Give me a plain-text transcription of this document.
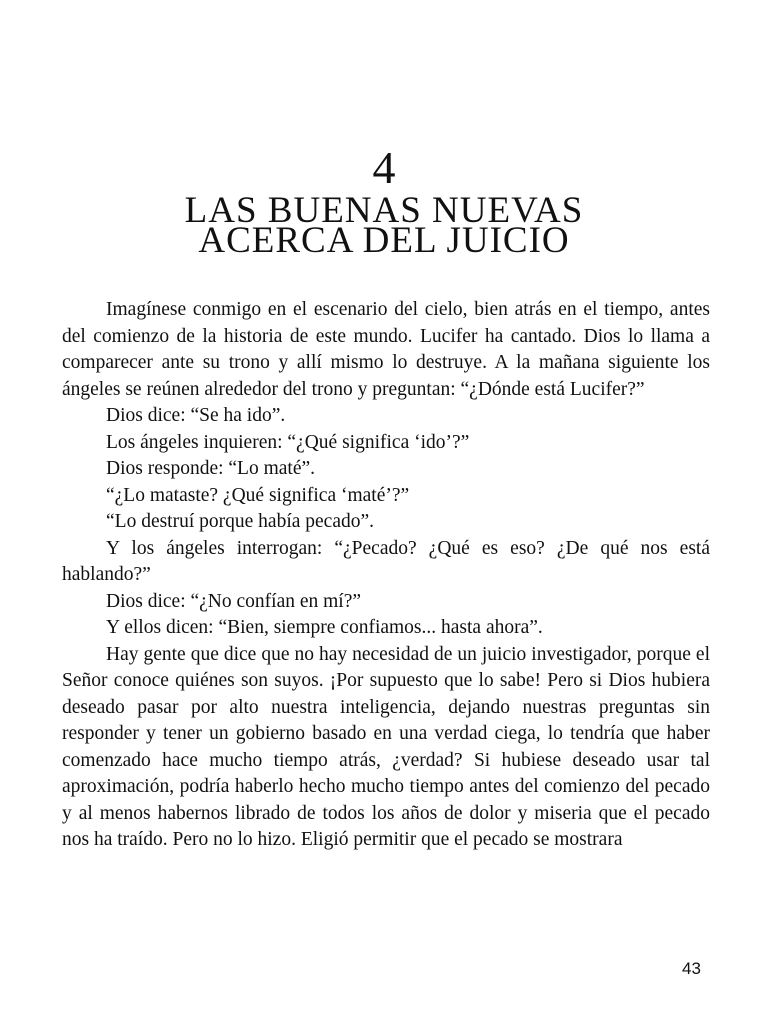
4
LAS BUENAS NUEVAS
ACERCA DEL JUICIO

Imagínese conmigo en el escenario del cielo, bien atrás en el tiempo, antes del comienzo de la historia de este mundo. Lucifer ha cantado. Dios lo llama a comparecer ante su trono y allí mismo lo destruye. A la mañana siguiente los ángeles se reúnen alrededor del trono y preguntan: “¿Dónde está Lucifer?”

Dios dice: “Se ha ido”.

Los ángeles inquieren: “¿Qué significa ‘ido’?”

Dios responde: “Lo maté”.

“¿Lo mataste? ¿Qué significa ‘maté’?”

“Lo destruí porque había pecado”.

Y los ángeles interrogan: “¿Pecado? ¿Qué es eso? ¿De qué nos está hablando?”

Dios dice: “¿No confían en mí?”

Y ellos dicen: “Bien, siempre confiamos... hasta ahora”.

Hay gente que dice que no hay necesidad de un juicio investigador, porque el Señor conoce quiénes son suyos. ¡Por supuesto que lo sabe! Pero si Dios hubiera deseado pasar por alto nuestra inteligencia, dejando nuestras preguntas sin responder y tener un gobierno basado en una verdad ciega, lo tendría que haber comenzado hace mucho tiempo atrás, ¿verdad? Si hubiese deseado usar tal aproximación, podría haberlo hecho mucho tiempo antes del comienzo del pecado y al menos habernos librado de todos los años de dolor y miseria que el pecado nos ha traído. Pero no lo hizo. Eligió permitir que el pecado se mostrara

43
